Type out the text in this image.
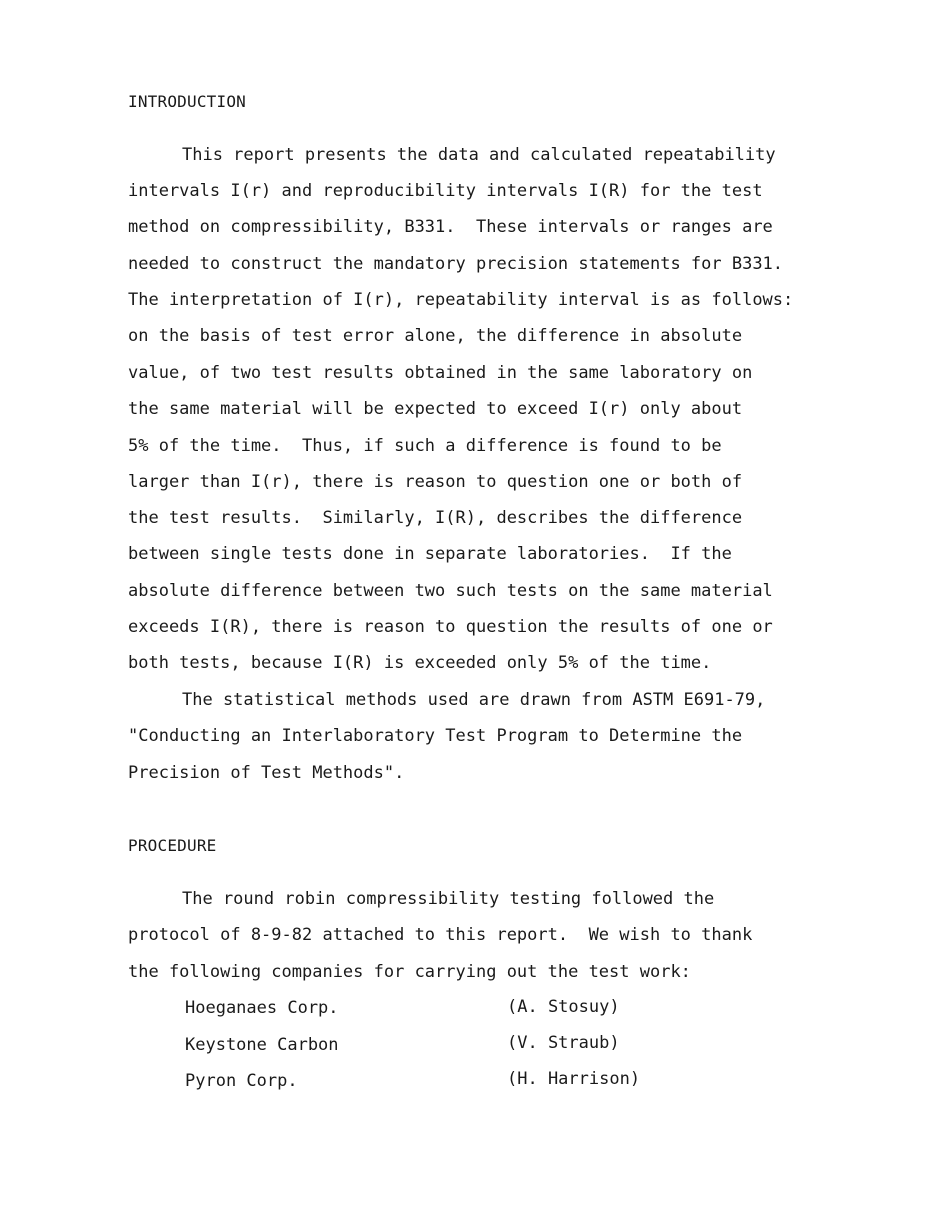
INTRODUCTION
This report presents the data and calculated repeatability
intervals I(r) and reproducibility intervals I(R) for the test
method on compressibility, B331.  These intervals or ranges are
needed to construct the mandatory precision statements for B331.
The interpretation of I(r), repeatability interval is as follows:
on the basis of test error alone, the difference in absolute
value, of two test results obtained in the same laboratory on
the same material will be expected to exceed I(r) only about
5% of the time.  Thus, if such a difference is found to be
larger than I(r), there is reason to question one or both of
the test results.  Similarly, I(R), describes the difference
between single tests done in separate laboratories.  If the
absolute difference between two such tests on the same material
exceeds I(R), there is reason to question the results of one or
both tests, because I(R) is exceeded only 5% of the time.
The statistical methods used are drawn from ASTM E691-79,
"Conducting an Interlaboratory Test Program to Determine the
Precision of Test Methods".
PROCEDURE
The round robin compressibility testing followed the
protocol of 8-9-82 attached to this report.  We wish to thank
the following companies for carrying out the test work:
Hoeganaes Corp.	(A. Stosuy)
Keystone Carbon	(V. Straub)
Pyron Corp.	(H. Harrison)
